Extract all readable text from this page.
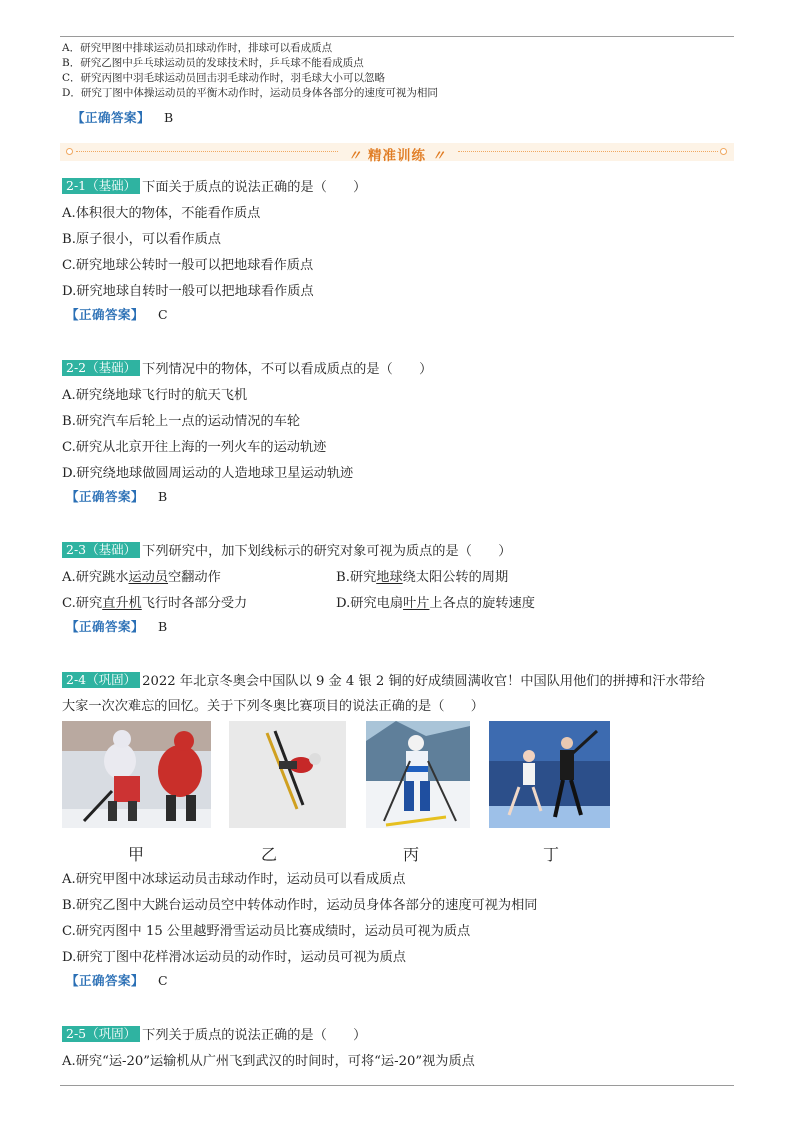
A．研究甲图中排球运动员扣球动作时，排球可以看成质点
B．研究乙图中乒乓球运动员的发球技术时，乒乓球不能看成质点
C．研究丙图中羽毛球运动员回击羽毛球动作时，羽毛球大小可以忽略
D．研究丁图中体操运动员的平衡木动作时，运动员身体各部分的速度可视为相同
【正确答案】 B
〃 精准训练 〃
2-1（基础） 下面关于质点的说法正确的是（　　）
A.体积很大的物体，不能看作质点
B.原子很小，可以看作质点
C.研究地球公转时一般可以把地球看作质点
D.研究地球自转时一般可以把地球看作质点
【正确答案】 C
2-2（基础） 下列情况中的物体，不可以看成质点的是（　　）
A.研究绕地球飞行时的航天飞机
B.研究汽车后轮上一点的运动情况的车轮
C.研究从北京开往上海的一列火车的运动轨迹
D.研究绕地球做圆周运动的人造地球卫星运动轨迹
【正确答案】 B
2-3（基础） 下列研究中，加下划线标示的研究对象可视为质点的是（　　）
A.研究跳水运动员空翻动作	B.研究地球绕太阳公转的周期
C.研究直升机飞行时各部分受力	D.研究电扇叶片上各点的旋转速度
【正确答案】 B
2-4（巩固） 2022 年北京冬奥会中国队以 9 金 4 银 2 铜的好成绩圆满收官！中国队用他们的拼搏和汗水带给
大家一次次难忘的回忆。关于下列冬奥比赛项目的说法正确的是（　　）
甲	乙	丙	丁
A.研究甲图中冰球运动员击球动作时，运动员可以看成质点
B.研究乙图中大跳台运动员空中转体动作时，运动员身体各部分的速度可视为相同
C.研究丙图中 15 公里越野滑雪运动员比赛成绩时，运动员可视为质点
D.研究丁图中花样滑冰运动员的动作时，运动员可视为质点
【正确答案】 C
2-5（巩固） 下列关于质点的说法正确的是（　　）
A.研究“运-20”运输机从广州飞到武汉的时间时，可将“运-20”视为质点
